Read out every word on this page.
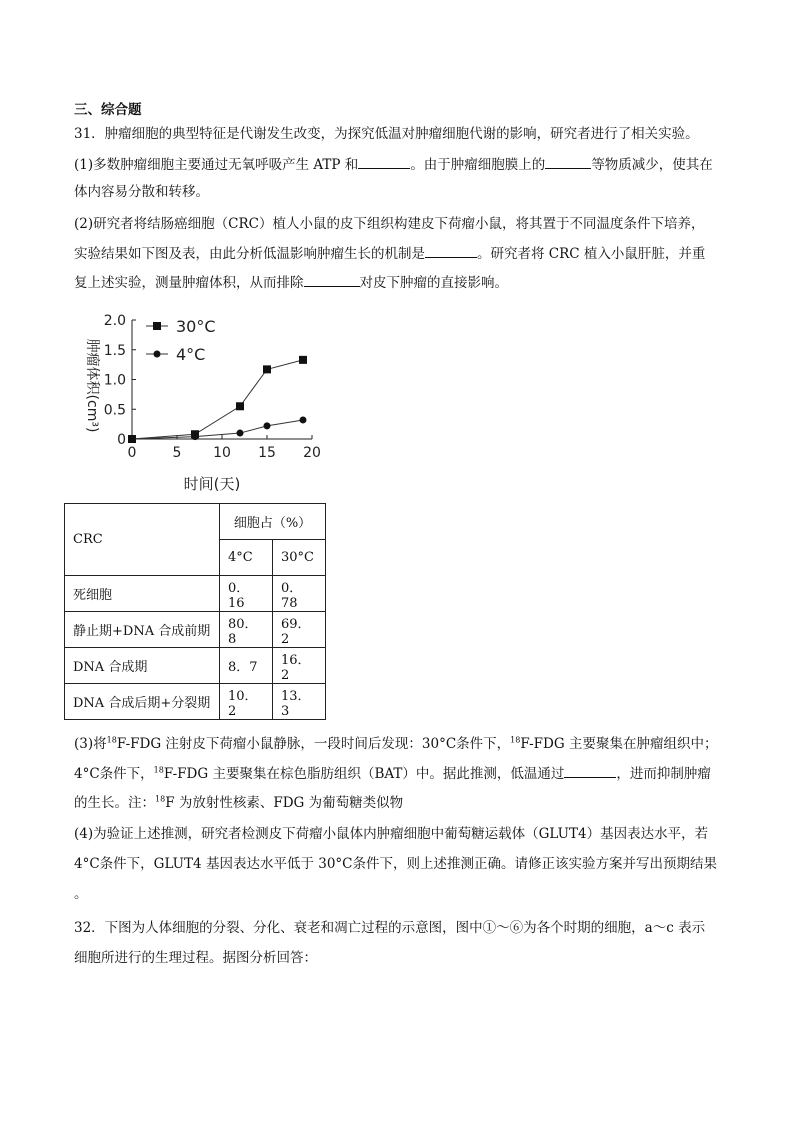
三、综合题
31．肿瘤细胞的典型特征是代谢发生改变，为探究低温对肿瘤细胞代谢的影响，研究者进行了相关实验。
(1)多数肿瘤细胞主要通过无氧呼吸产生 ATP 和	。由于肿瘤细胞膜上的	等物质减少，使其在
体内容易分散和转移。
(2)研究者将结肠癌细胞（CRC）植人小鼠的皮下组织构建皮下荷瘤小鼠，将其置于不同温度条件下培养，
实验结果如下图及表，由此分析低温影响肿瘤生长的机制是	。研究者将 CRC 植入小鼠肝脏，并重
复上述实验，测量肿瘤体积，从而排除	对皮下肿瘤的直接影响。
0	5 10 15 20
0
0.5
1.0
1.5
2.0
时间(天)
肿瘤体积(cm³)
30°C
4°C
CRC	细胞占（%）	
	4°C	30°C
死细胞	0．16	0．78
静止期+DNA 合成前期	80．8	69．2
DNA 合成期	8．7	16．2
DNA 合成后期+分裂期	10．2	13．3
(3)将$^{18}$F-FDG 注射皮下荷瘤小鼠静脉，一段时间后发现：30°C条件下，$^{18}$F-FDG 主要聚集在肿瘤组织中；
4°C条件下，$^{18}$F-FDG 主要聚集在棕色脂肪组织（BAT）中。据此推测，低温通过	，进而抑制肿瘤
的生长。注：$^{18}$F 为放射性核素、FDG 为葡萄糖类似物
(4)为验证上述推测，研究者检测皮下荷瘤小鼠体内肿瘤细胞中葡萄糖运载体（GLUT4）基因表达水平，若
4°C条件下，GLUT4 基因表达水平低于 30°C条件下，则上述推测正确。请修正该实验方案并写出预期结果
。
32．下图为人体细胞的分裂、分化、衰老和凋亡过程的示意图，图中①～⑥为各个时期的细胞，a～c 表示
细胞所进行的生理过程。据图分析回答：
